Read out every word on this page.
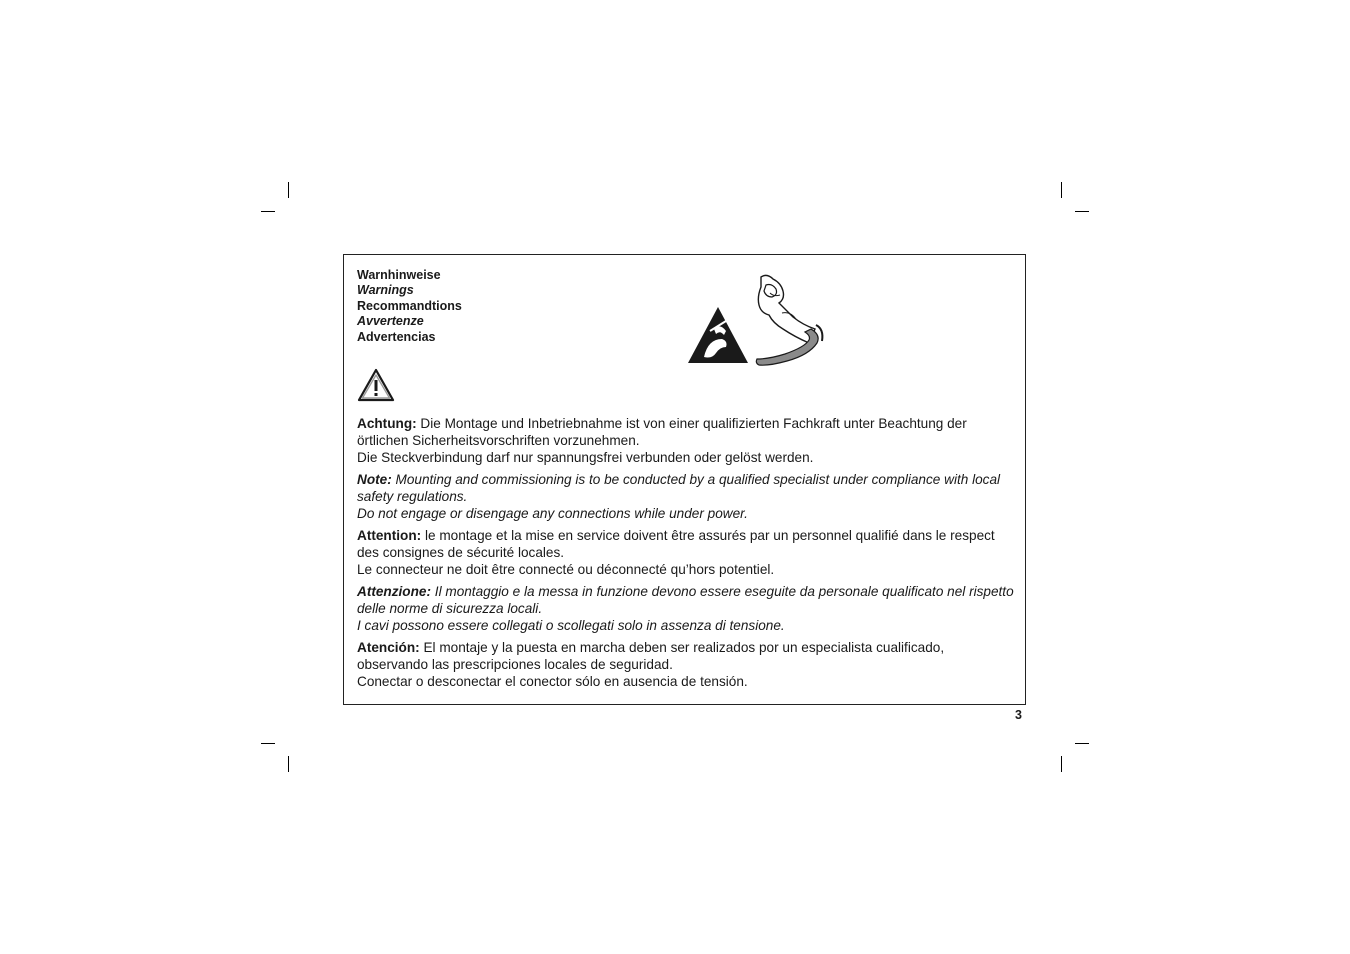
Warnhinweise
Warnings
Recommandtions
Avvertenze
Advertencias

Achtung: Die Montage und Inbetriebnahme ist von einer qualifizierten Fachkraft unter Beachtung der örtlichen Sicherheitsvorschriften vorzunehmen.
Die Steckverbindung darf nur spannungsfrei verbunden oder gelöst werden.

Note: Mounting and commissioning is to be conducted by a qualified specialist under compliance with local safety regulations.
Do not engage or disengage any connections while under power.

Attention: le montage et la mise en service doivent être assurés par un personnel qualifié dans le respect des consignes de sécurité locales.
Le connecteur ne doit être connecté ou déconnecté qu’hors potentiel.

Attenzione: Il montaggio e la messa in funzione devono essere eseguite da personale qualificato nel rispetto delle norme di sicurezza locali.
I cavi possono essere collegati o scollegati solo in assenza di tensione.

Atención: El montaje y la puesta en marcha deben ser realizados por un especialista cualificado, observando las prescripciones locales de seguridad.
Conectar o desconectar el conector sólo en ausencia de tensión.

3
